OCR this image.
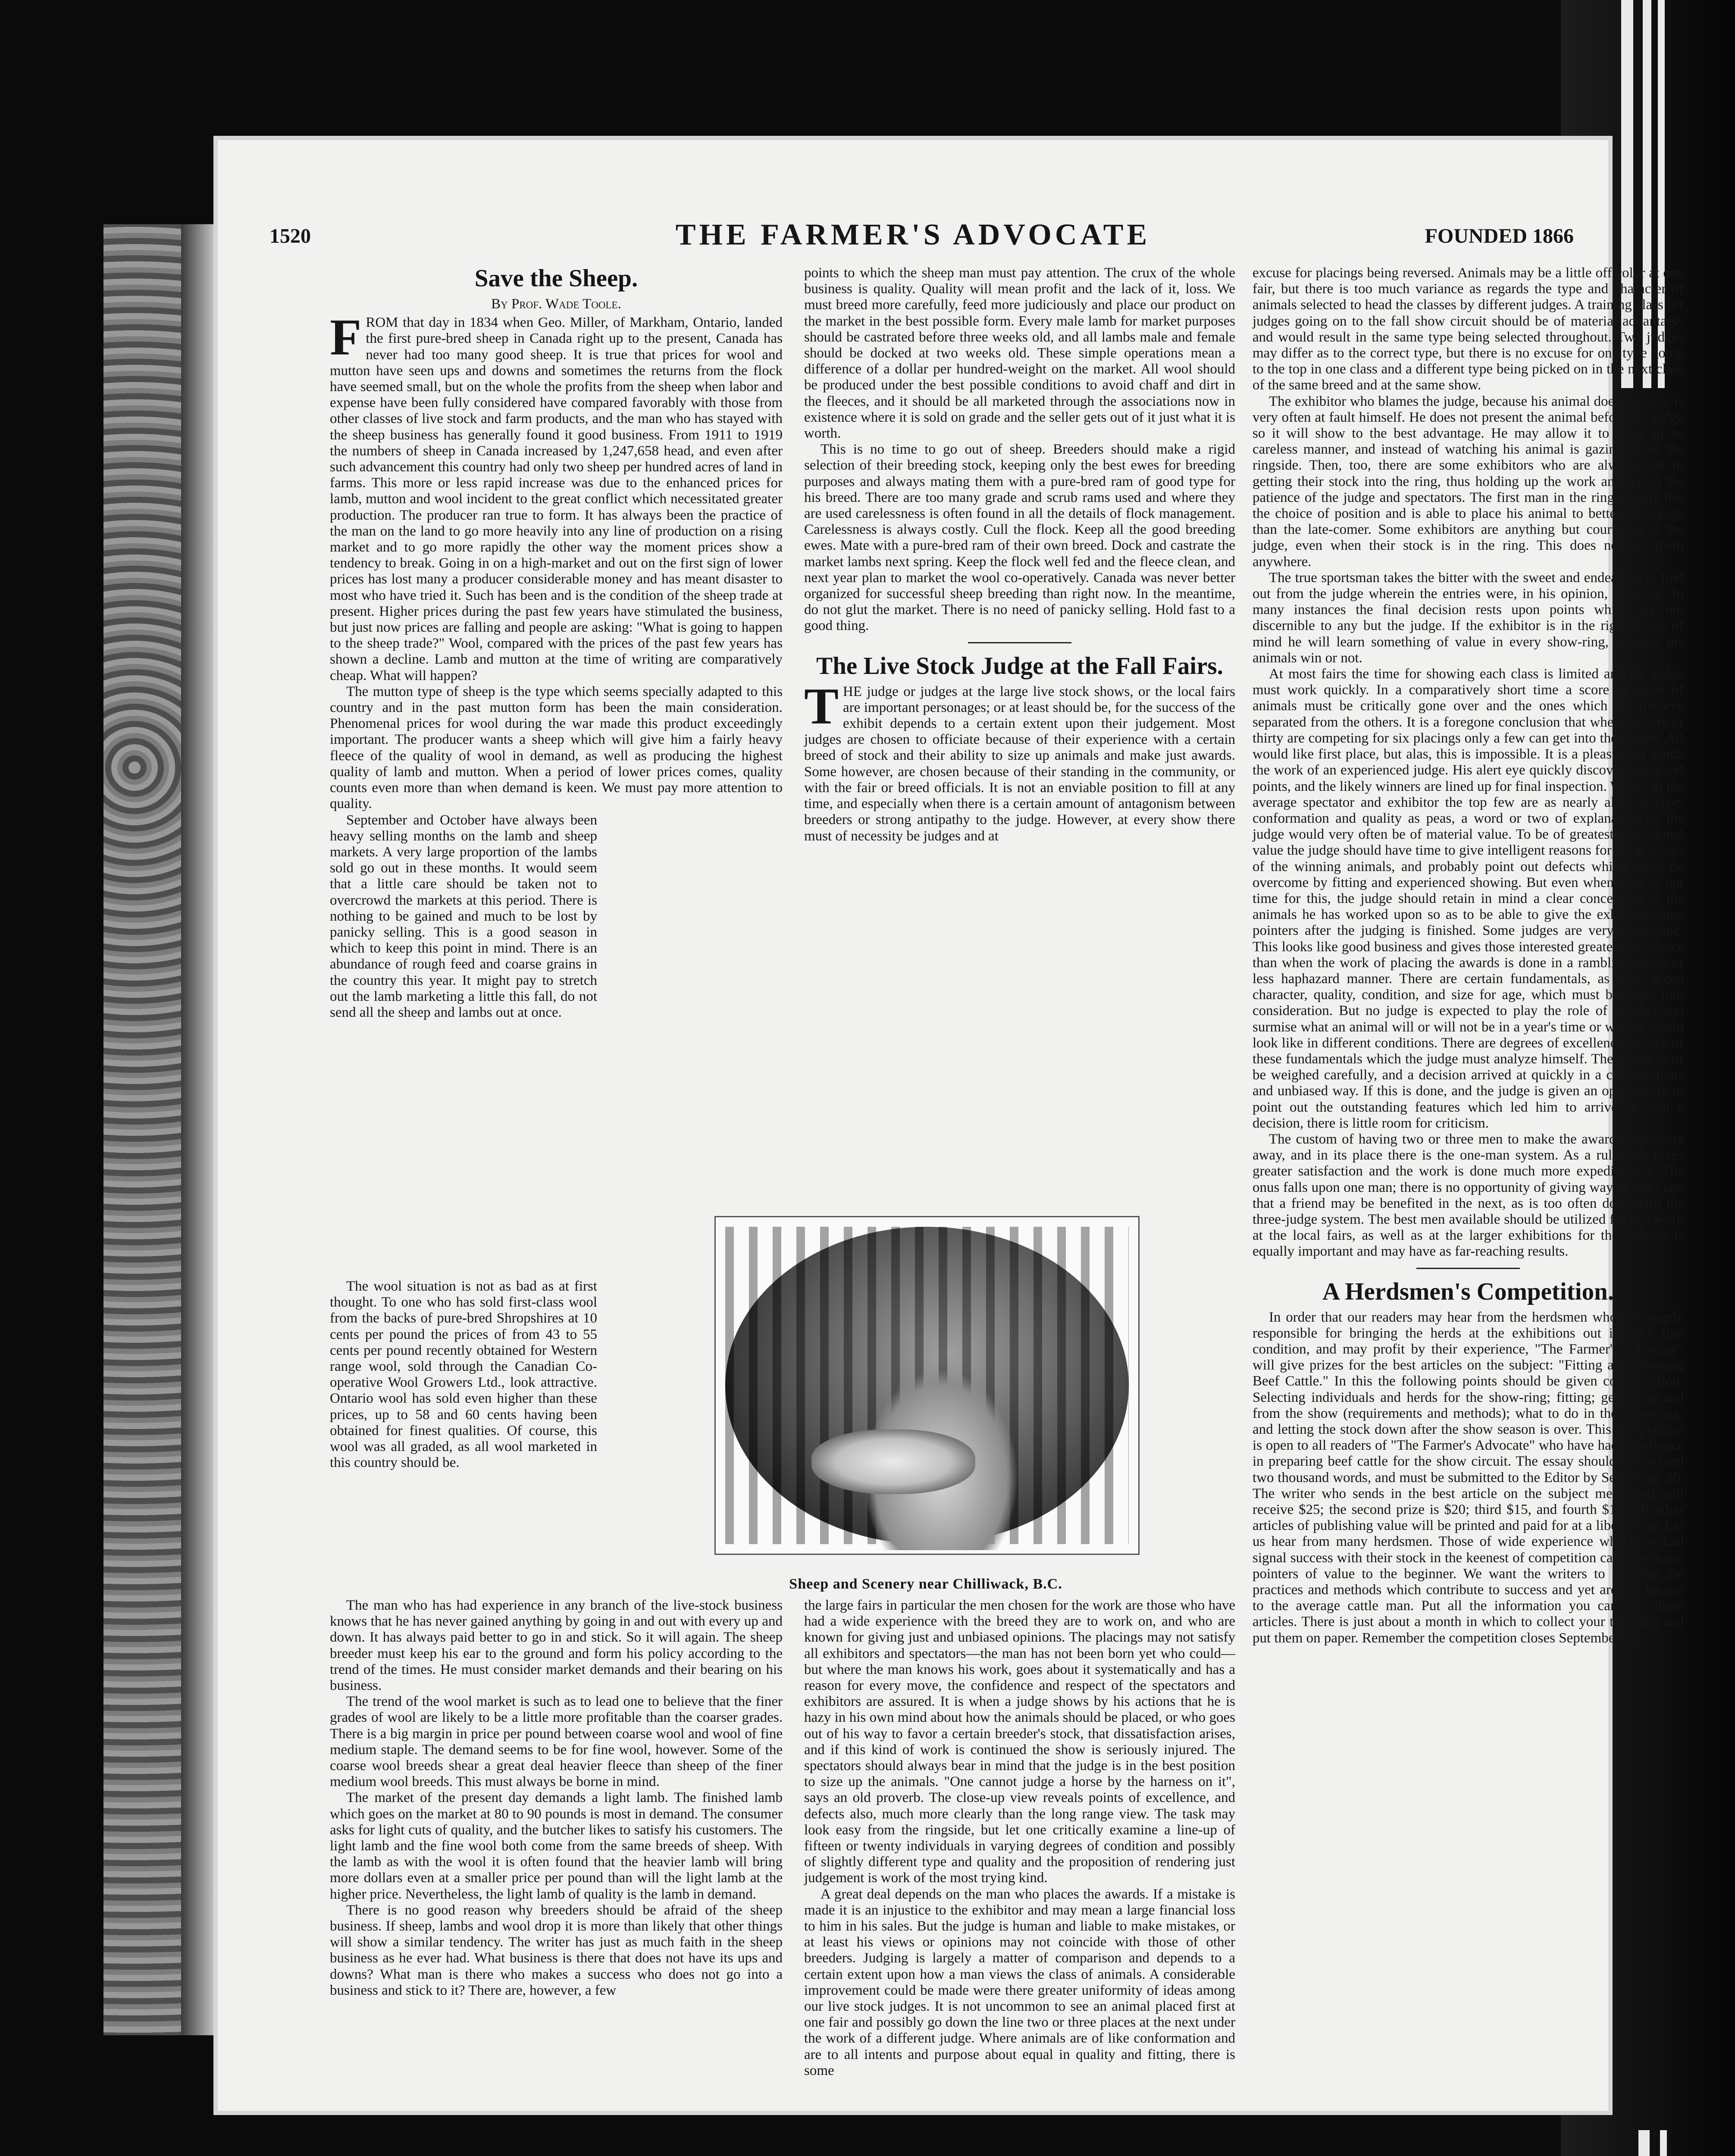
1520	THE FARMER'S ADVOCATE	FOUNDED 1866
Save the Sheep.
By Prof. Wade Toole.

FROM that day in 1834 when Geo. Miller, of Markham, Ontario, landed the first pure-bred sheep in Canada right up to the present, Canada has never had too many good sheep. It is true that prices for wool and mutton have seen ups and downs and sometimes the returns from the flock have seemed small, but on the whole the profits from the sheep when labor and expense have been fully considered have compared favorably with those from other classes of live stock and farm products, and the man who has stayed with the sheep business has generally found it good business. From 1911 to 1919 the numbers of sheep in Canada increased by 1,247,658 head, and even after such advancement this country had only two sheep per hundred acres of land in farms. This more or less rapid increase was due to the enhanced prices for lamb, mutton and wool incident to the great conflict which necessitated greater production. The producer ran true to form. It has always been the practice of the man on the land to go more heavily into any line of production on a rising market and to go more rapidly the other way the moment prices show a tendency to break. Going in on a high-market and out on the first sign of lower prices has lost many a producer considerable money and has meant disaster to most who have tried it. Such has been and is the condition of the sheep trade at present. Higher prices during the past few years have stimulated the business, but just now prices are falling and people are asking: "What is going to happen to the sheep trade?" Wool, compared with the prices of the past few years has shown a decline. Lamb and mutton at the time of writing are comparatively cheap. What will happen?

The mutton type of sheep is the type which seems specially adapted to this country and in the past mutton form has been the main consideration. Phenomenal prices for wool during the war made this product exceedingly important. The producer wants a sheep which will give him a fairly heavy fleece of the quality of wool in demand, as well as producing the highest quality of lamb and mutton. When a period of lower prices comes, quality counts even more than when demand is keen. We must pay more attention to quality.

September and October have always been heavy selling months on the lamb and sheep markets. A very large proportion of the lambs sold go out in these months. It would seem that a little care should be taken not to overcrowd the markets at this period. There is nothing to be gained and much to be lost by panicky selling. This is a good season in which to keep this point in mind. There is an abundance of rough feed and coarse grains in the country this year. It might pay to stretch out the lamb marketing a little this fall, do not send all the sheep and lambs out at once.

The wool situation is not as bad as at first thought. To one who has sold first-class wool from the backs of pure-bred Shropshires at 10 cents per pound the prices of from 43 to 55 cents per pound recently obtained for Western range wool, sold through the Canadian Co-operative Wool Growers Ltd., look attractive. Ontario wool has sold even higher than these prices, up to 58 and 60 cents having been obtained for finest qualities. Of course, this wool was all graded, as all wool marketed in this country should be.

The man who has had experience in any branch of the live-stock business knows that he has never gained anything by going in and out with every up and down. It has always paid better to go in and stick. So it will again. The sheep breeder must keep his ear to the ground and form his policy according to the trend of the times. He must consider market demands and their bearing on his business.

The trend of the wool market is such as to lead one to believe that the finer grades of wool are likely to be a little more profitable than the coarser grades. There is a big margin in price per pound between coarse wool and wool of fine medium staple. The demand seems to be for fine wool, however. Some of the coarse wool breeds shear a great deal heavier fleece than sheep of the finer medium wool breeds. This must always be borne in mind.

The market of the present day demands a light lamb. The finished lamb which goes on the market at 80 to 90 pounds is most in demand. The consumer asks for light cuts of quality, and the butcher likes to satisfy his customers. The light lamb and the fine wool both come from the same breeds of sheep. With the lamb as with the wool it is often found that the heavier lamb will bring more dollars even at a smaller price per pound than will the light lamb at the higher price. Nevertheless, the light lamb of quality is the lamb in demand.

There is no good reason why breeders should be afraid of the sheep business. If sheep, lambs and wool drop it is more than likely that other things will show a similar tendency. The writer has just as much faith in the sheep business as he ever had. What business is there that does not have its ups and downs? What man is there who makes a success who does not go into a business and stick to it? There are, however, a few

points to which the sheep man must pay attention. The crux of the whole business is quality. Quality will mean profit and the lack of it, loss. We must breed more carefully, feed more judiciously and place our product on the market in the best possible form. Every male lamb for market purposes should be castrated before three weeks old, and all lambs male and female should be docked at two weeks old. These simple operations mean a difference of a dollar per hundred-weight on the market. All wool should be produced under the best possible conditions to avoid chaff and dirt in the fleeces, and it should be all marketed through the associations now in existence where it is sold on grade and the seller gets out of it just what it is worth.

This is no time to go out of sheep. Breeders should make a rigid selection of their breeding stock, keeping only the best ewes for breeding purposes and always mating them with a pure-bred ram of good type for his breed. There are too many grade and scrub rams used and where they are used carelessness is often found in all the details of flock management. Carelessness is always costly. Cull the flock. Keep all the good breeding ewes. Mate with a pure-bred ram of their own breed. Dock and castrate the market lambs next spring. Keep the flock well fed and the fleece clean, and next year plan to market the wool co-operatively. Canada was never better organized for successful sheep breeding than right now. In the meantime, do not glut the market. There is no need of panicky selling. Hold fast to a good thing.

The Live Stock Judge at the Fall Fairs.

THE judge or judges at the large live stock shows, or the local fairs are important personages; or at least should be, for the success of the exhibit depends to a certain extent upon their judgement. Most judges are chosen to officiate because of their experience with a certain breed of stock and their ability to size up animals and make just awards. Some however, are chosen because of their standing in the community, or with the fair or breed officials. It is not an enviable position to fill at any time, and especially when there is a certain amount of antagonism between breeders or strong antipathy to the judge. However, at every show there must of necessity be judges and at

the large fairs in particular the men chosen for the work are those who have had a wide experience with the breed they are to work on, and who are known for giving just and unbiased opinions. The placings may not satisfy all exhibitors and spectators—the man has not been born yet who could—but where the man knows his work, goes about it systematically and has a reason for every move, the confidence and respect of the spectators and exhibitors are assured. It is when a judge shows by his actions that he is hazy in his own mind about how the animals should be placed, or who goes out of his way to favor a certain breeder's stock, that dissatisfaction arises, and if this kind of work is continued the show is seriously injured. The spectators should always bear in mind that the judge is in the best position to size up the animals. "One cannot judge a horse by the harness on it", says an old proverb. The close-up view reveals points of excellence, and defects also, much more clearly than the long range view. The task may look easy from the ringside, but let one critically examine a line-up of fifteen or twenty individuals in varying degrees of condition and possibly of slightly different type and quality and the proposition of rendering just judgement is work of the most trying kind.

A great deal depends on the man who places the awards. If a mistake is made it is an injustice to the exhibitor and may mean a large financial loss to him in his sales. But the judge is human and liable to make mistakes, or at least his views or opinions may not coincide with those of other breeders. Judging is largely a matter of comparison and depends to a certain extent upon how a man views the class of animals. A considerable improvement could be made were there greater uniformity of ideas among our live stock judges. It is not uncommon to see an animal placed first at one fair and possibly go down the line two or three places at the next under the work of a different judge. Where animals are of like conformation and are to all intents and purpose about equal in quality and fitting, there is some

excuse for placings being reversed. Animals may be a little off color at one fair, but there is too much variance as regards the type and character of animals selected to head the classes by different judges. A training class for judges going on to the fall show circuit should be of material advantage, and would result in the same type being selected throughout. Two judges may differ as to the correct type, but there is no excuse for one type going to the top in one class and a different type being picked on in the next class of the same breed and at the same show.

The exhibitor who blames the judge, because his animal does not win, is very often at fault himself. He does not present the animal before the judge so it will show to the best advantage. He may allow it to stand in an careless manner, and instead of watching his animal is gazing about the ringside. Then, too, there are some exhibitors who are always late in getting their stock into the ring, thus holding up the work and trying the patience of the judge and spectators. The first man in the ring usually has the choice of position and is able to place his animal to better advantage than the late-comer. Some exhibitors are anything but courteous to the judge, even when their stock is in the ring. This does not get them anywhere.

The true sportsman takes the bitter with the sweet and endeavors to find out from the judge wherein the entries were, in his opinion, deficient. In many instances the final decision rests upon points which are not discernible to any but the judge. If the exhibitor is in the right frame of mind he will learn something of value in every show-ring, whether his animals win or not.

At most fairs the time for showing each class is limited and the judge must work quickly. In a comparatively short time a score or more of animals must be critically gone over and the ones which fill the eye separated from the others. It is a foregone conclusion that where twenty or thirty are competing for six placings only a few can get into the money. All would like first place, but alas, this is impossible. It is a pleasure to watch the work of an experienced judge. His alert eye quickly discovers the good points, and the likely winners are lined up for final inspection. Where to the average spectator and exhibitor the top few are as nearly alike in type, conformation and quality as peas, a word or two of explanation by the judge would very often be of material value. To be of greatest educational value the judge should have time to give intelligent reasons for the placings of the winning animals, and probably point out defects which could be overcome by fitting and experienced showing. But even when there is not time for this, the judge should retain in mind a clear conception of the animals he has worked upon so as to be able to give the exhibitor some pointers after the judging is finished. Some judges are very systematic. This looks like good business and gives those interested greater confidence than when the work of placing the awards is done in a rambling, more or less haphazard manner. There are certain fundamentals, as type, breed character, quality, condition, and size for age, which must be taken into consideration. But no judge is expected to play the role of prophet and surmise what an animal will or will not be in a year's time or what it would look like in different conditions. There are degrees of excellence in each of these fundamentals which the judge must analyze himself. The points must be weighed carefully, and a decision arrived at quickly in a conscientious and unbiased way. If this is done, and the judge is given an opportunity to point out the outstanding features which led him to arrive at such a decision, there is little room for criticism.

The custom of having two or three men to make the awards is passing away, and in its place there is the one-man system. As a rule, this gives greater satisfaction and the work is done much more expeditiously. The onus falls upon one man; there is no opportunity of giving way in one class that a friend may be benefited in the next, as is too often done with the three-judge system. The best men available should be utilized for this work at the local fairs, as well as at the larger exhibitions for the judging is equally important and may have as far-reaching results.

A Herdsmen's Competition.

In order that our readers may hear from the herdsmen who are largely responsible for bringing the herds at the exhibitions out in such fine condition, and may profit by their experience, "The Farmer's Advocate" will give prizes for the best articles on the subject: "Fitting and Showing Beef Cattle." In this the following points should be given consideration: Selecting individuals and herds for the show-ring; fitting; getting to and from the show (requirements and methods); what to do in the show-ring, and letting the stock down after the show season is over. This competition is open to all readers of "The Farmer's Advocate" who have had experience in preparing beef cattle for the show circuit. The essay should not exceed two thousand words, and must be submitted to the Editor by September 30. The writer who sends in the best article on the subject mentioned will receive $25; the second prize is $20; third $15, and fourth $10. All other articles of publishing value will be printed and paid for at a liberal rate. Let us hear from many herdsmen. Those of wide experience who have had signal success with their stock in the keenest of competition can give many pointers of value to the beginner. We want the writers to describe the practices and methods which contribute to success and yet are not known to the average cattle man. Put all the information you can into these articles. There is just about a month in which to collect your thoughts and put them on paper. Remember the competition closes September 30.

Sheep and Scenery near Chilliwack, B.C.
